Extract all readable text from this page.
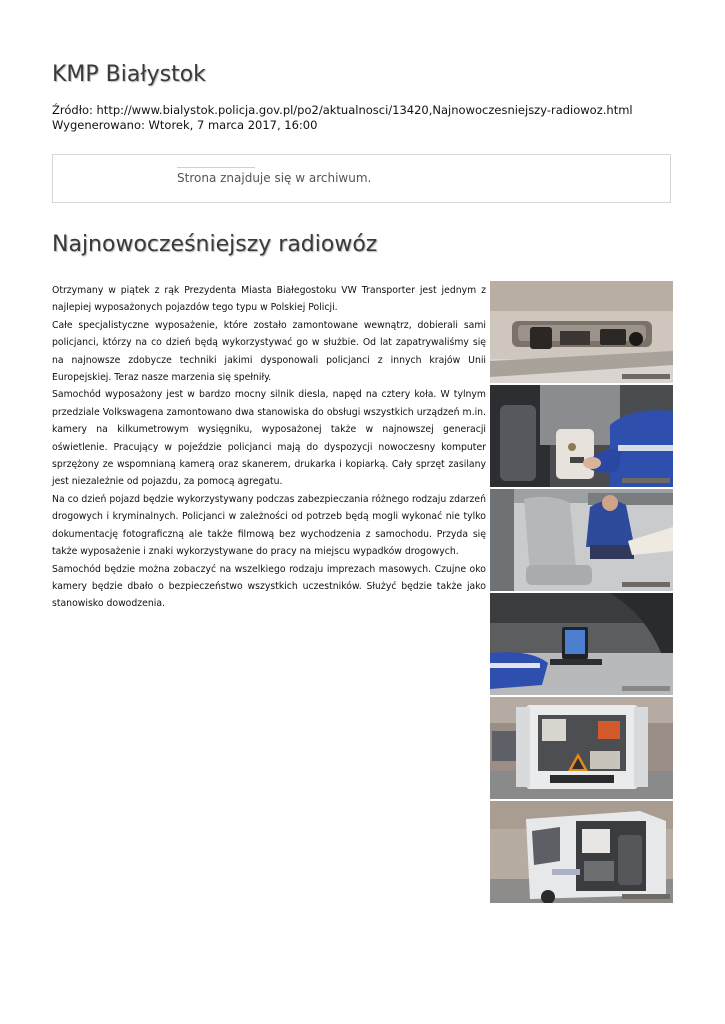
KMP Białystok
Źródło: http://www.bialystok.policja.gov.pl/po2/aktualnosci/13420,Najnowoczesniejszy-radiowoz.html
Wygenerowano: Wtorek, 7 marca 2017, 16:00
Strona znajduje się w archiwum.
Najnowocześniejszy radiowóz

Otrzymany w piątek z rąk Prezydenta Miasta Białegostoku VW Transporter jest jednym z najlepiej wyposażonych pojazdów tego typu w Polskiej Policji.

Całe specjalistyczne wyposażenie, które zostało zamontowane wewnątrz, dobierali sami policjanci, którzy na co dzień będą wykorzystywać go w służbie. Od lat zapatrywaliśmy się na najnowsze zdobycze techniki jakimi dysponowali policjanci z innych krajów Unii Europejskiej. Teraz nasze marzenia się spełniły.

Samochód wyposażony jest w bardzo mocny silnik diesla, napęd na cztery koła. W tylnym przedziale Volkswagena zamontowano dwa stanowiska do obsługi wszystkich urządzeń m.in. kamery na kilkumetrowym wysięgniku, wyposażonej także w najnowszej generacji oświetlenie. Pracujący w pojeździe policjanci mają do dyspozycji nowoczesny komputer sprzężony ze wspomnianą kamerą oraz skanerem, drukarka i kopiarką. Cały sprzęt zasilany jest niezależnie od pojazdu, za pomocą agregatu.

Na co dzień pojazd będzie wykorzystywany podczas zabezpieczania różnego rodzaju zdarzeń drogowych i kryminalnych. Policjanci w zależności od potrzeb będą mogli wykonać nie tylko dokumentację fotograficzną ale także filmową bez wychodzenia z samochodu. Przyda się także wyposażenie i znaki wykorzystywane do pracy na miejscu wypadków drogowych.

Samochód będzie można zobaczyć na wszelkiego rodzaju imprezach masowych. Czujne oko kamery będzie dbało o bezpieczeństwo wszystkich uczestników. Służyć będzie także jako stanowisko dowodzenia.
